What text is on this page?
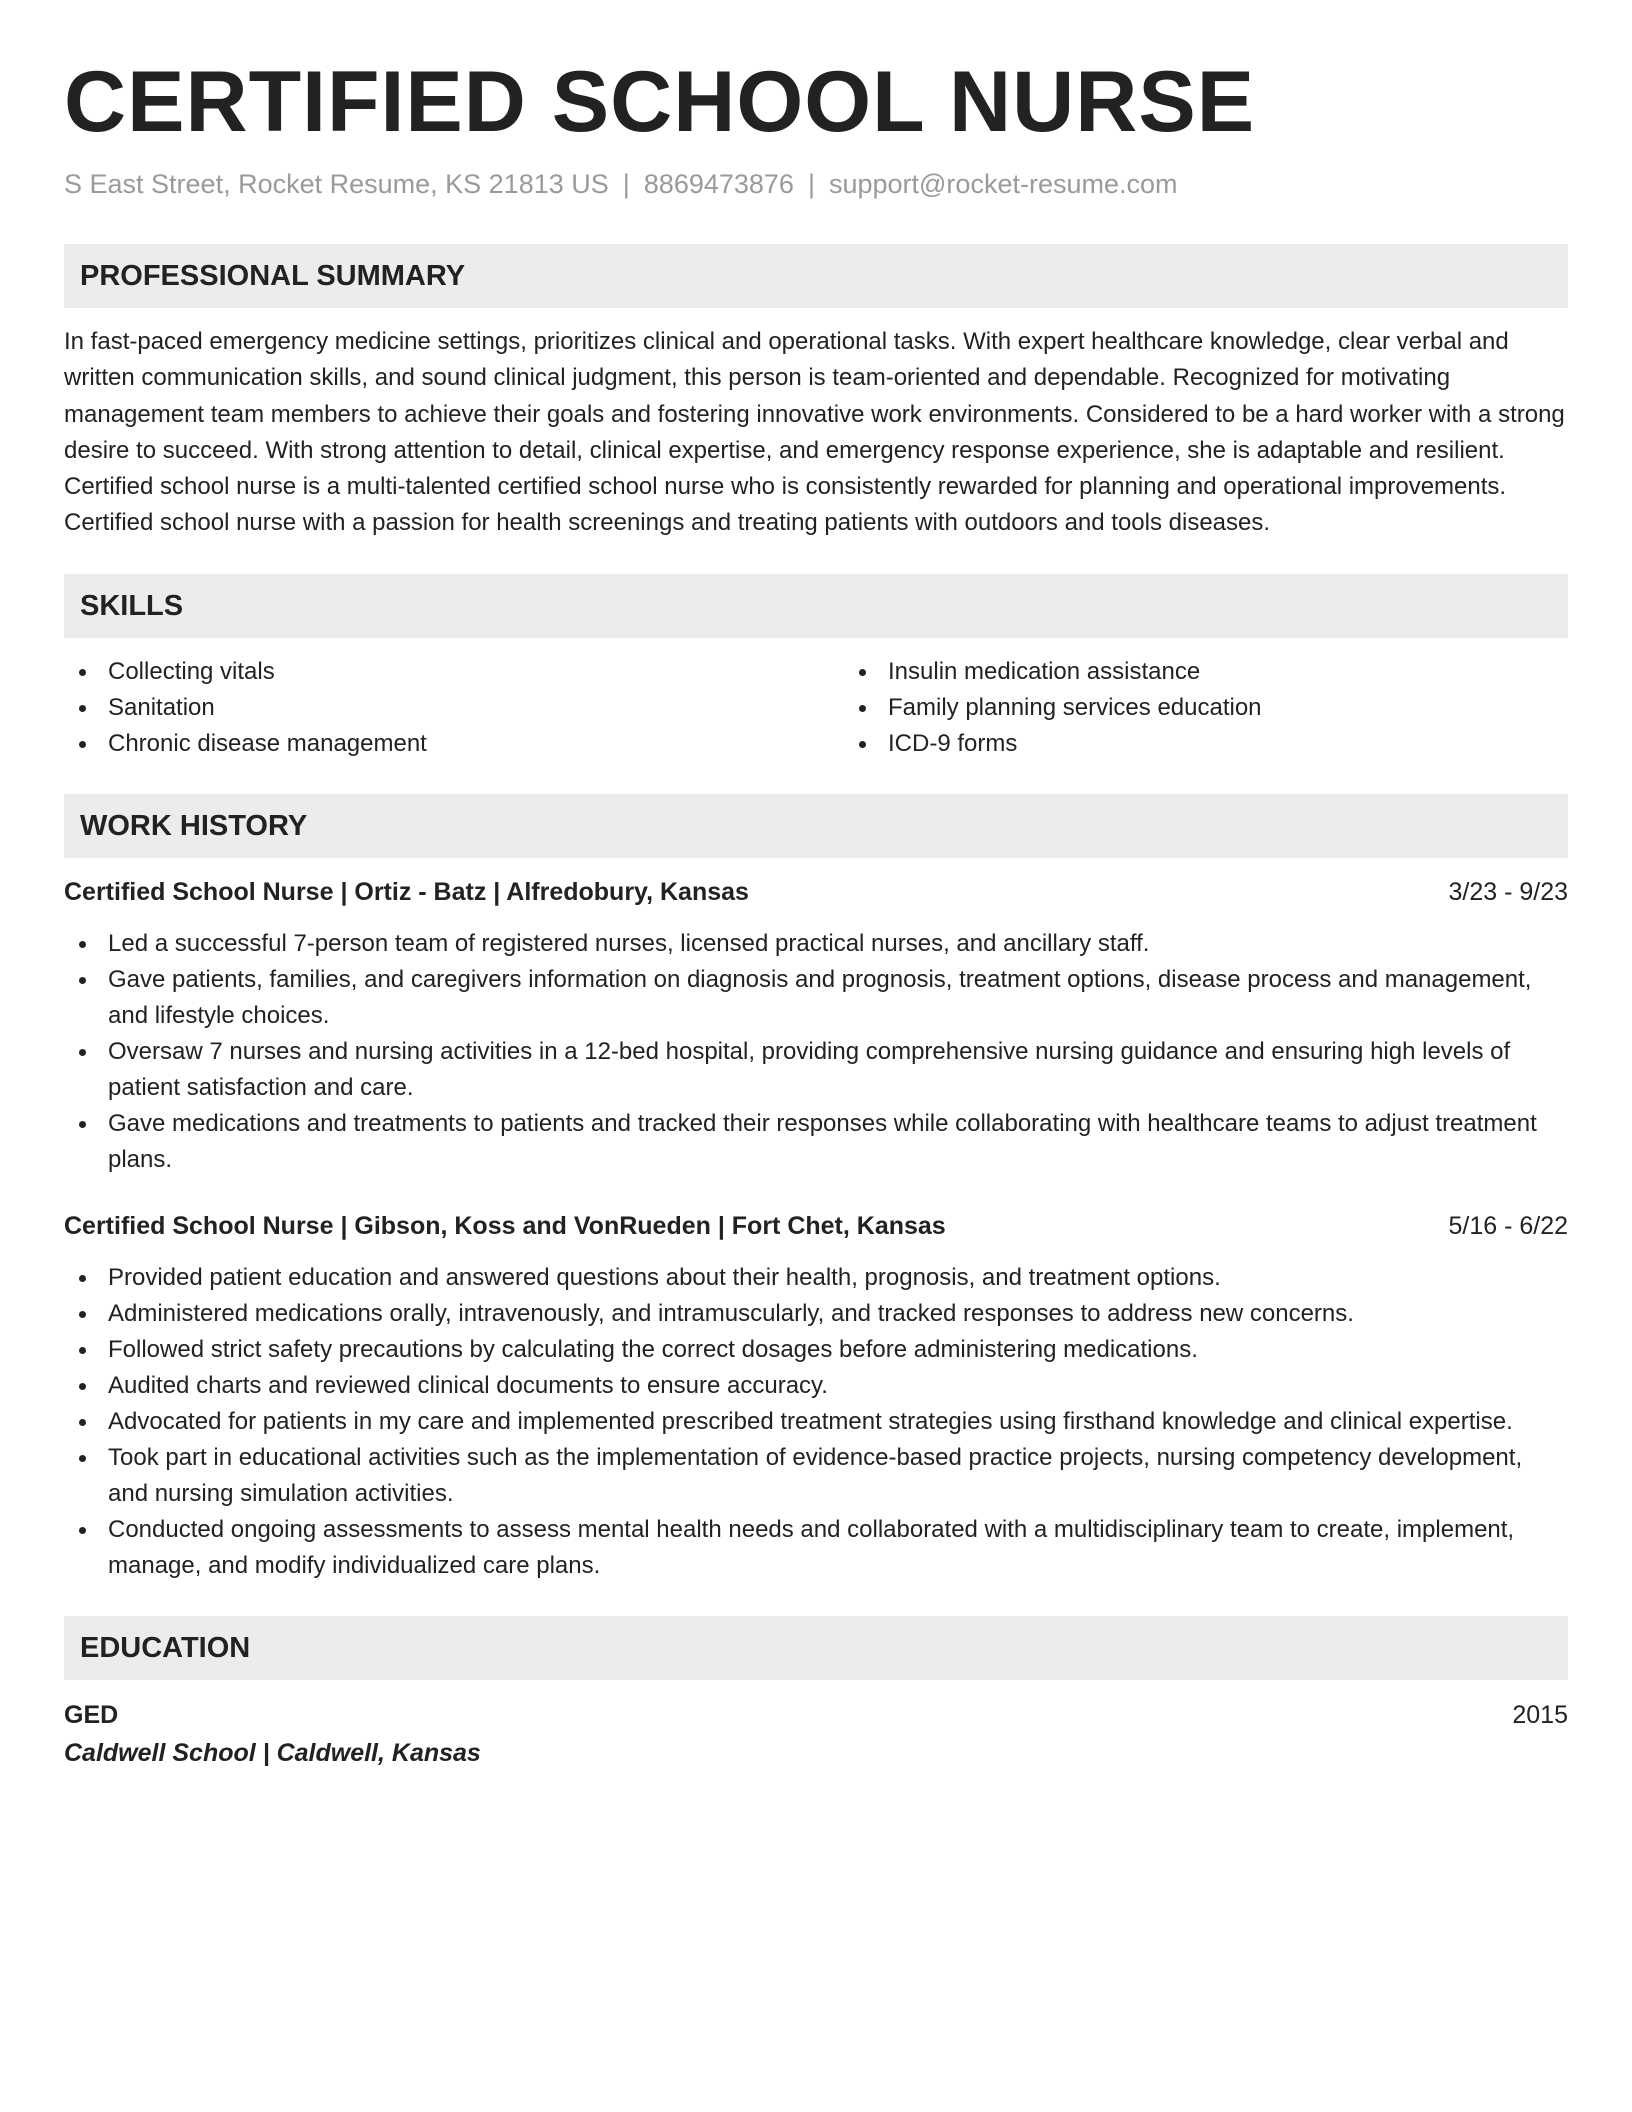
CERTIFIED SCHOOL NURSE
S East Street, Rocket Resume, KS 21813 US | 8869473876 | support@rocket-resume.com
PROFESSIONAL SUMMARY
In fast-paced emergency medicine settings, prioritizes clinical and operational tasks. With expert healthcare knowledge, clear verbal and written communication skills, and sound clinical judgment, this person is team-oriented and dependable. Recognized for motivating management team members to achieve their goals and fostering innovative work environments. Considered to be a hard worker with a strong desire to succeed. With strong attention to detail, clinical expertise, and emergency response experience, she is adaptable and resilient. Certified school nurse is a multi-talented certified school nurse who is consistently rewarded for planning and operational improvements. Certified school nurse with a passion for health screenings and treating patients with outdoors and tools diseases.
SKILLS
Collecting vitals
Sanitation
Chronic disease management
Insulin medication assistance
Family planning services education
ICD-9 forms
WORK HISTORY
Certified School Nurse | Ortiz - Batz | Alfredobury, Kansas	3/23 - 9/23
Led a successful 7-person team of registered nurses, licensed practical nurses, and ancillary staff.
Gave patients, families, and caregivers information on diagnosis and prognosis, treatment options, disease process and management, and lifestyle choices.
Oversaw 7 nurses and nursing activities in a 12-bed hospital, providing comprehensive nursing guidance and ensuring high levels of patient satisfaction and care.
Gave medications and treatments to patients and tracked their responses while collaborating with healthcare teams to adjust treatment plans.
Certified School Nurse | Gibson, Koss and VonRueden | Fort Chet, Kansas	5/16 - 6/22
Provided patient education and answered questions about their health, prognosis, and treatment options.
Administered medications orally, intravenously, and intramuscularly, and tracked responses to address new concerns.
Followed strict safety precautions by calculating the correct dosages before administering medications.
Audited charts and reviewed clinical documents to ensure accuracy.
Advocated for patients in my care and implemented prescribed treatment strategies using firsthand knowledge and clinical expertise.
Took part in educational activities such as the implementation of evidence-based practice projects, nursing competency development, and nursing simulation activities.
Conducted ongoing assessments to assess mental health needs and collaborated with a multidisciplinary team to create, implement, manage, and modify individualized care plans.
EDUCATION
GED	2015
Caldwell School | Caldwell, Kansas
